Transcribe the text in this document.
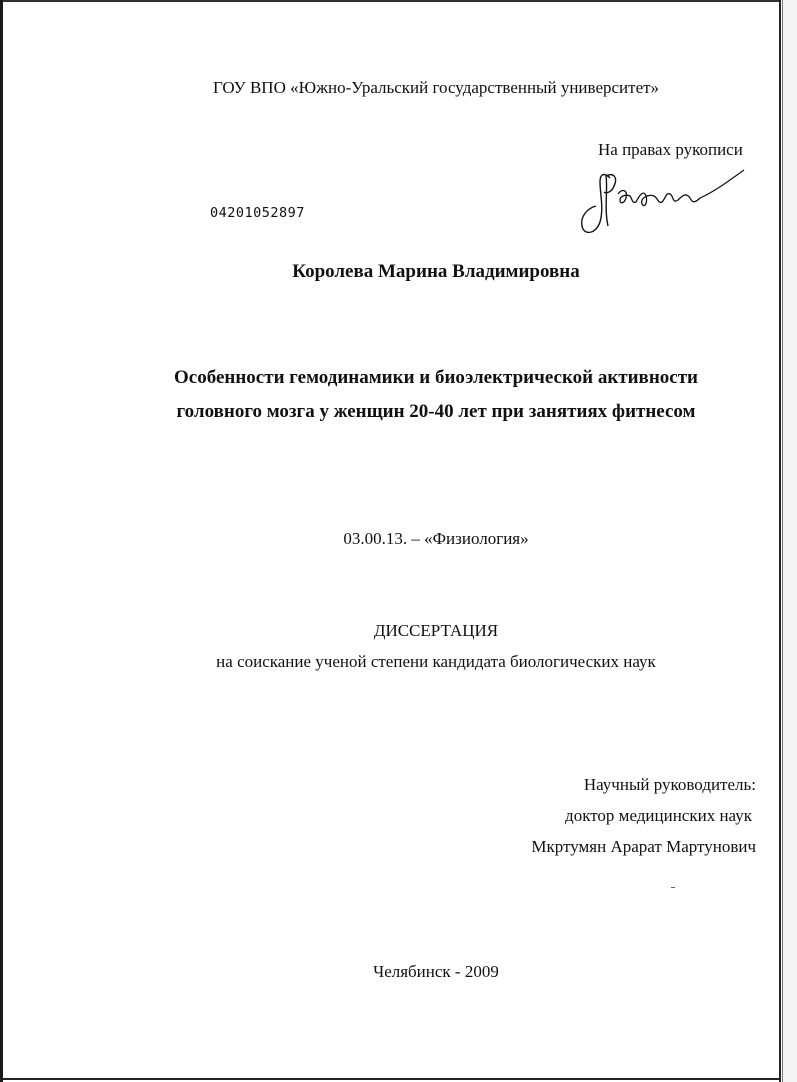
ГОУ ВПО «Южно-Уральский государственный университет»
На правах рукописи
04201052897
Королева Марина Владимировна
Особенности гемодинамики и биоэлектрической активности
головного мозга у женщин 20-40 лет при занятиях фитнесом
03.00.13. – «Физиология»
ДИССЕРТАЦИЯ
на соискание ученой степени кандидата биологических наук
Научный руководитель:
доктор медицинских наук
Мкртумян Арарат Мартунович
Челябинск - 2009
